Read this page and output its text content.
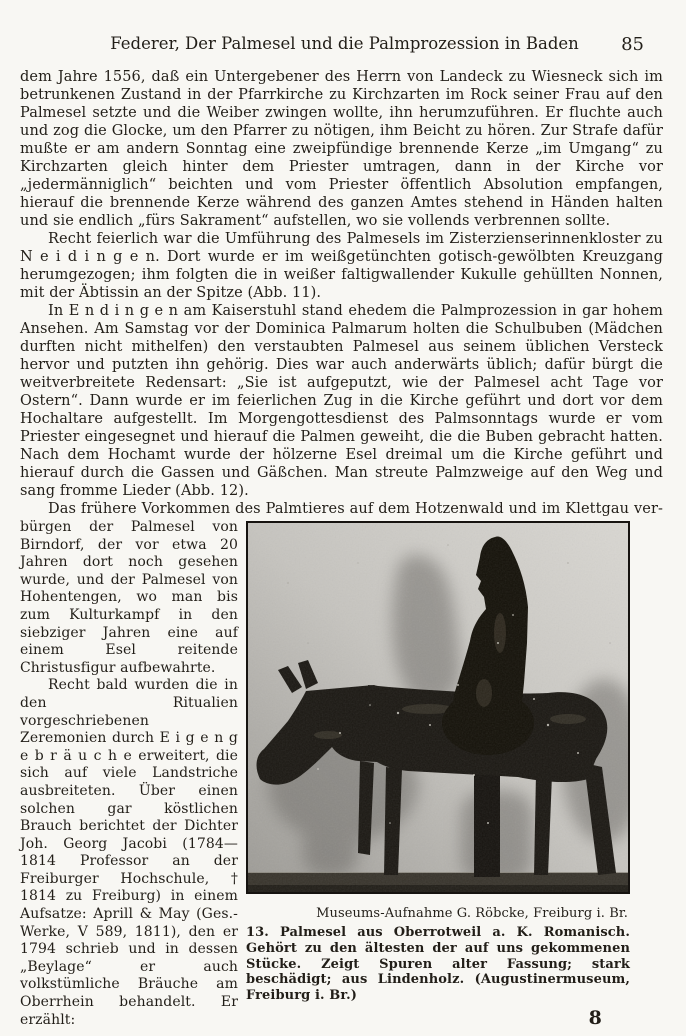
Federer, Der Palmesel und die Palmprozession in Baden	85

dem Jahre 1556, daß ein Untergebener des Herrn von Landeck zu Wiesneck sich im betrunkenen Zustand in der Pfarrkirche zu Kirchzarten im Rock seiner Frau auf den Palmesel setzte und die Weiber zwingen wollte, ihn herumzuführen. Er fluchte auch und zog die Glocke, um den Pfarrer zu nötigen, ihm Beicht zu hören. Zur Strafe dafür mußte er am andern Sonntag eine zweipfündige brennende Kerze „im Umgang“ zu Kirchzarten gleich hinter dem Priester umtragen, dann in der Kirche vor „jedermänniglich“ beichten und vom Priester öffentlich Absolution empfangen, hierauf die brennende Kerze während des ganzen Amtes stehend in Händen halten und sie endlich „fürs Sakrament“ aufstellen, wo sie vollends verbrennen sollte.

Recht feierlich war die Umführung des Palmesels im Zisterzienserinnenkloster zu N e i d i n g e n. Dort wurde er im weißgetünchten gotisch-gewölbten Kreuzgang herumgezogen; ihm folgten die in weißer faltigwallender Kukulle gehüllten Nonnen, mit der Äbtissin an der Spitze (Abb. 11).

In E n d i n g e n am Kaiserstuhl stand ehedem die Palmprozession in gar hohem Ansehen. Am Samstag vor der Dominica Palmarum holten die Schulbuben (Mädchen durften nicht mithelfen) den verstaubten Palmesel aus seinem üblichen Versteck hervor und putzten ihn gehörig. Dies war auch anderwärts üblich; dafür bürgt die weitverbreitete Redensart: „Sie ist aufgeputzt, wie der Palmesel acht Tage vor Ostern“. Dann wurde er im feierlichen Zug in die Kirche geführt und dort vor dem Hochaltare aufgestellt. Im Morgengottesdienst des Palmsonntags wurde er vom Priester eingesegnet und hierauf die Palmen geweiht, die die Buben gebracht hatten. Nach dem Hochamt wurde der hölzerne Esel dreimal um die Kirche geführt und hierauf durch die Gassen und Gäßchen. Man streute Palmzweige auf den Weg und sang fromme Lieder (Abb. 12).

Das frühere Vorkommen des Palmtieres auf dem Hotzenwald und im Klettgau ver-

bürgen der Palmesel von Birndorf, der vor etwa 20 Jahren dort noch gesehen wurde, und der Palmesel von Hohentengen, wo man bis zum Kulturkampf in den siebziger Jahren eine auf einem Esel reitende Christusfigur aufbewahrte.

Recht bald wurden die in den Ritualien vorgeschriebenen Zeremonien durch E i g e n g e b r ä u c h e erweitert, die sich auf viele Landstriche ausbreiteten. Über einen solchen gar köstlichen Brauch berichtet der Dichter Joh. Georg Jacobi (1784—1814 Professor an der Freiburger Hochschule, † 1814 zu Freiburg) in einem Aufsatze: Aprill & May (Ges.-Werke, V 589, 1811), den er 1794 schrieb und in dessen „Beylage“ er auch volkstümliche Bräuche am Oberrhein behandelt. Er erzählt:

Museums-Aufnahme G. Röbcke, Freiburg i. Br.
13. Palmesel aus Oberrotweil a. K. Romanisch. Gehört zu den ältesten der auf uns gekommenen Stücke. Zeigt Spuren alter Fassung; stark beschädigt; aus Lindenholz. (Augustinermuseum, Freiburg i. Br.)
8
